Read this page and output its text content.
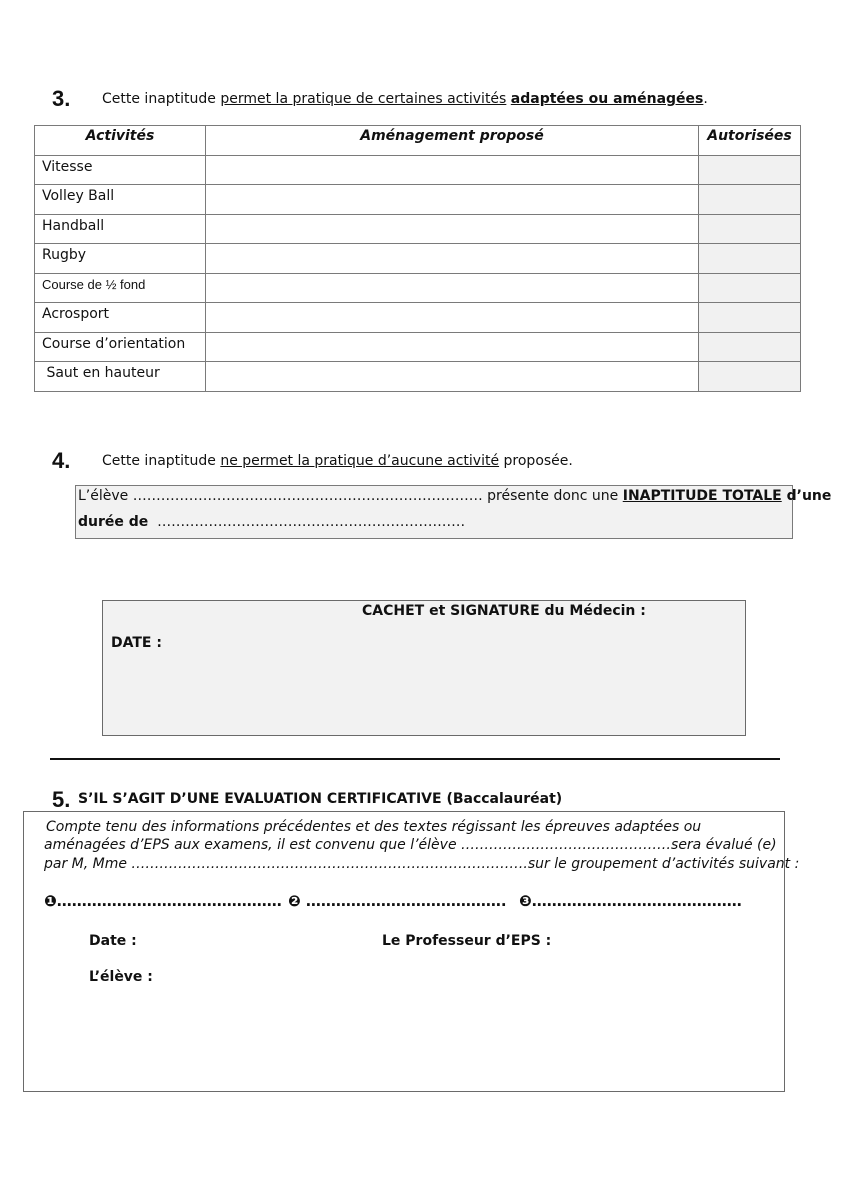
3. Cette inaptitude permet la pratique de certaines activités adaptées ou aménagées.
Activités	Aménagement proposé	Autorisées
Vitesse		
Volley Ball		
Handball		
Rugby		
Course de ½ fond		
Acrosport		
Course d’orientation		
Saut en hauteur		
4. Cette inaptitude ne permet la pratique d’aucune activité proposée.
L’élève ………………………………………………………………… présente donc une INAPTITUDE TOTALE d’une
durée de  …………………………………………………………
CACHET et SIGNATURE du Médecin :
DATE :
5. S’IL S’AGIT D’UNE EVALUATION CERTIFICATIVE (Baccalauréat)
Compte tenu des informations précédentes et des textes régissant les épreuves adaptées ou
aménagées d’EPS aux examens, il est convenu que l’élève ………………………………………sera évalué (e)
par M, Mme ………………………………………………………………………….sur le groupement d’activités suivant :
❶……………………………………… ❷ …………………………………. ❸……………………………………
Date :	Le Professeur d’EPS :
L’élève :
